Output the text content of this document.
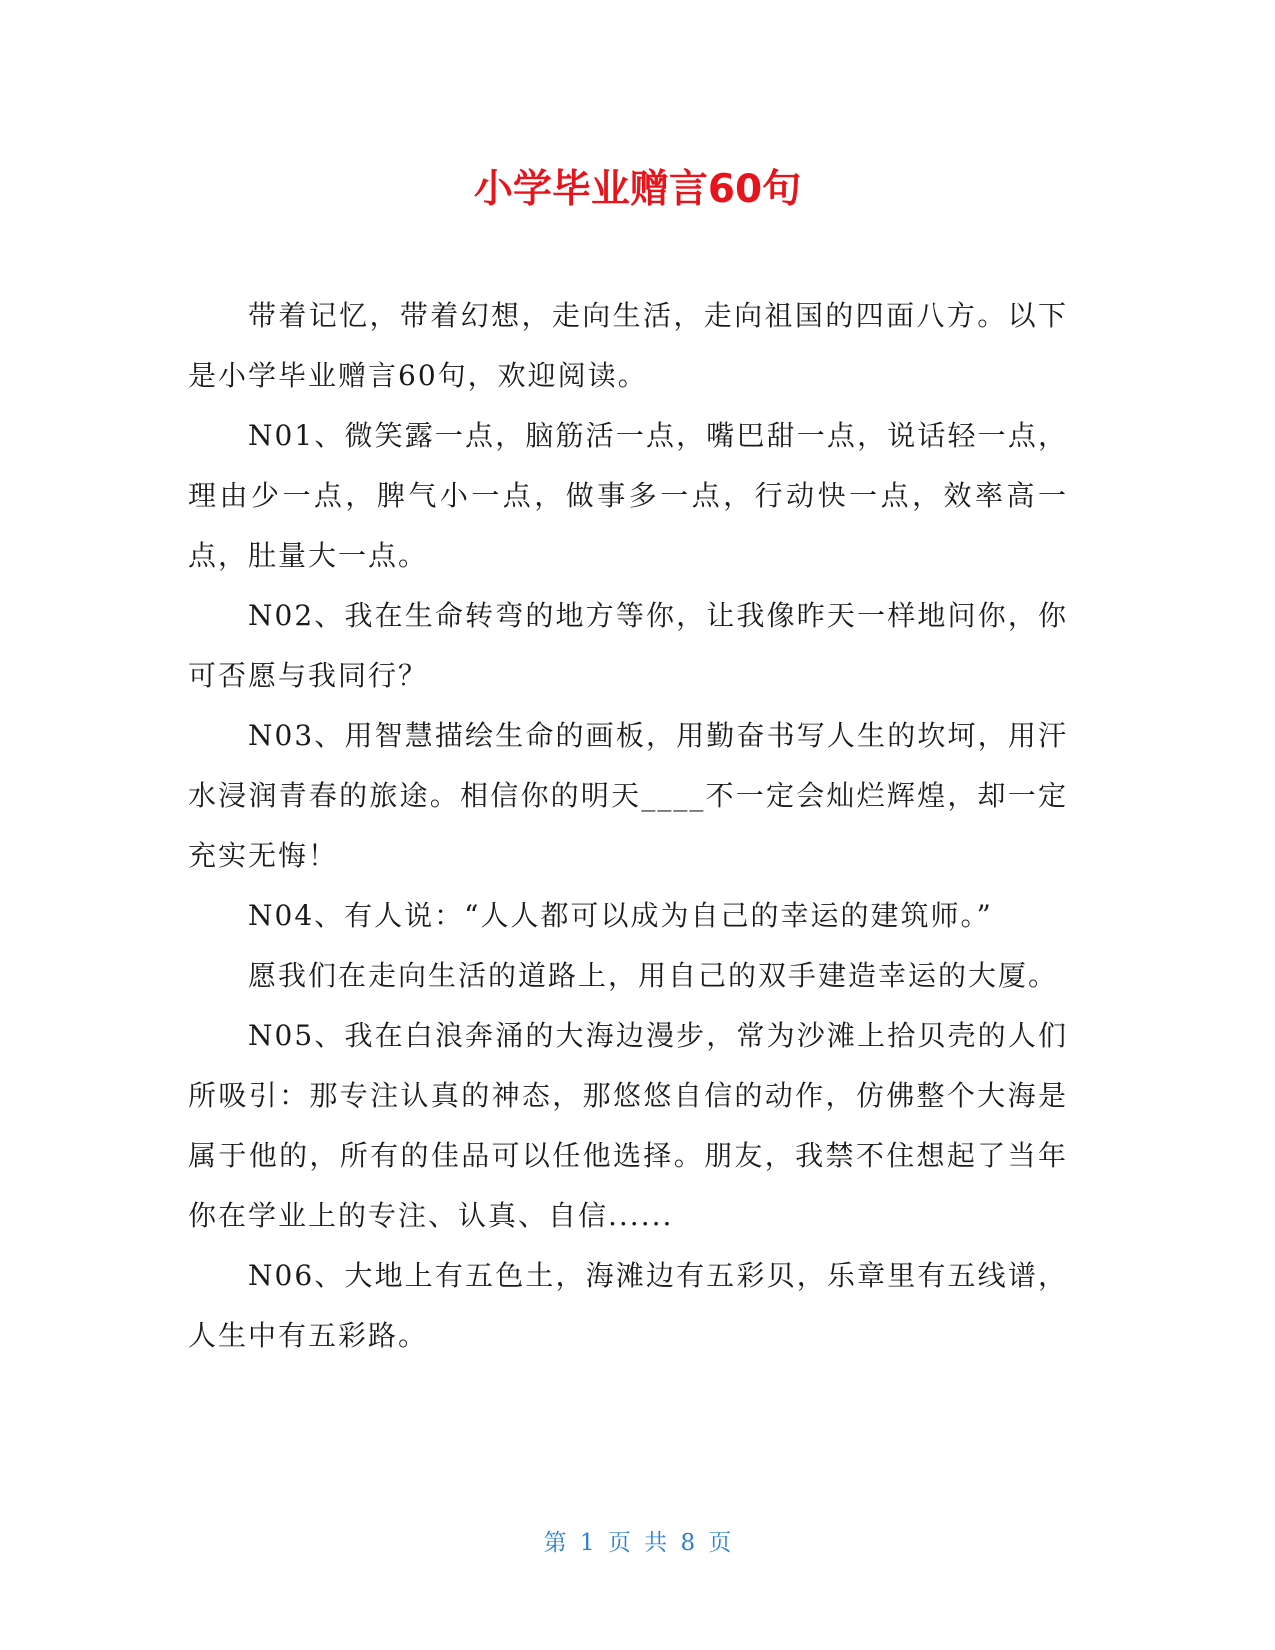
小学毕业赠言60句

带着记忆，带着幻想，走向生活，走向祖国的四面八方。以下是小学毕业赠言60句，欢迎阅读。

N01、微笑露一点，脑筋活一点，嘴巴甜一点，说话轻一点，理由少一点，脾气小一点，做事多一点，行动快一点，效率高一点，肚量大一点。

N02、我在生命转弯的地方等你，让我像昨天一样地问你，你可否愿与我同行？

N03、用智慧描绘生命的画板，用勤奋书写人生的坎坷，用汗水浸润青春的旅途。相信你的明天____不一定会灿烂辉煌，却一定充实无悔！

N04、有人说：“人人都可以成为自己的幸运的建筑师。”

愿我们在走向生活的道路上，用自己的双手建造幸运的大厦。

N05、我在白浪奔涌的大海边漫步，常为沙滩上拾贝壳的人们所吸引：那专注认真的神态，那悠悠自信的动作，仿佛整个大海是属于他的，所有的佳品可以任他选择。朋友，我禁不住想起了当年你在学业上的专注、认真、自信......

N06、大地上有五色土，海滩边有五彩贝，乐章里有五线谱，人生中有五彩路。

第 1 页 共 8 页
